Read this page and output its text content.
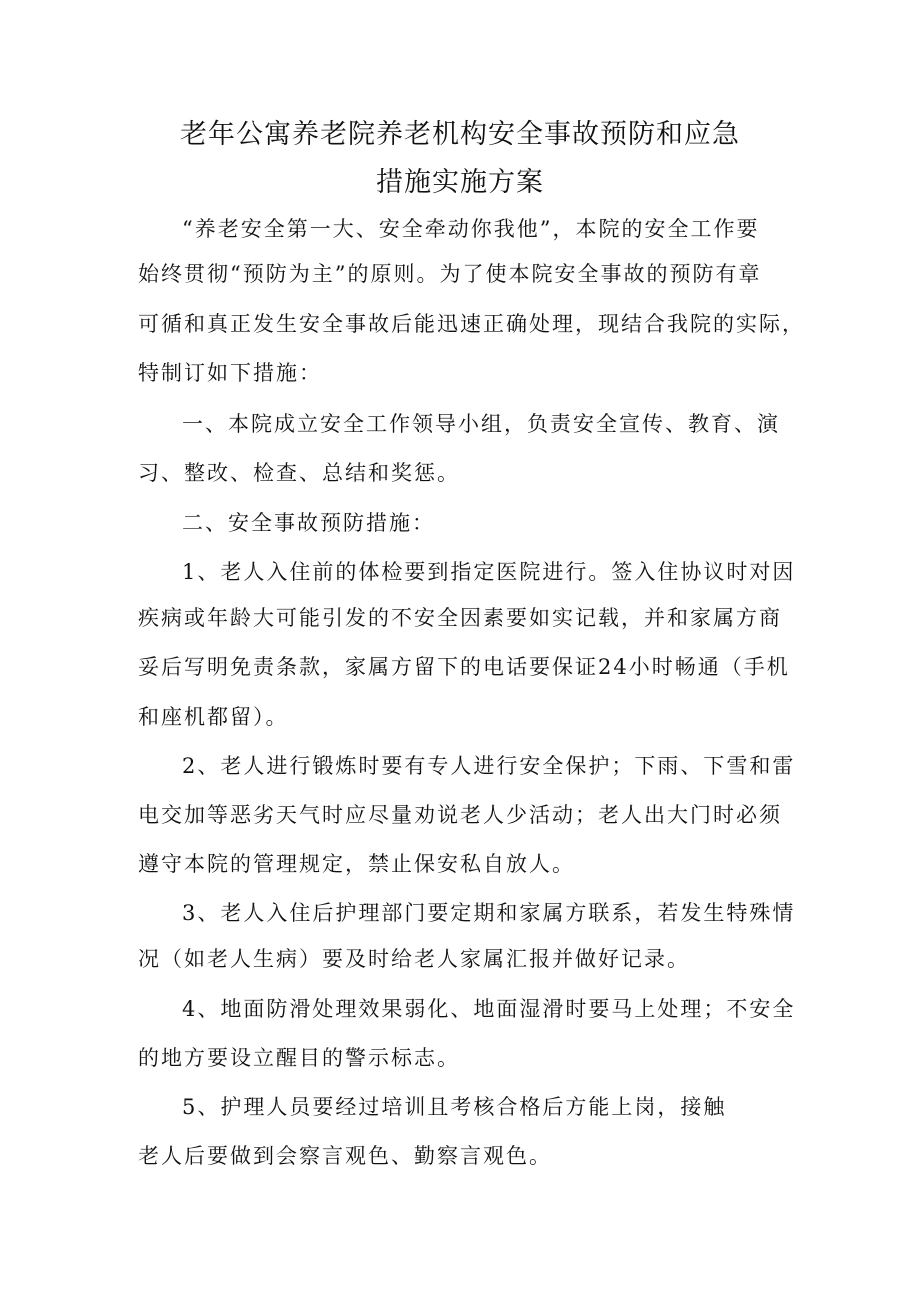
老年公寓养老院养老机构安全事故预防和应急
措施实施方案
“养老安全第一大、安全牵动你我他”，本院的安全工作要
始终贯彻“预防为主”的原则。为了使本院安全事故的预防有章
可循和真正发生安全事故后能迅速正确处理，现结合我院的实际，
特制订如下措施：
一、本院成立安全工作领导小组，负责安全宣传、教育、演
习、整改、检查、总结和奖惩。
二、安全事故预防措施：
1、老人入住前的体检要到指定医院进行。签入住协议时对因
疾病或年龄大可能引发的不安全因素要如实记载，并和家属方商
妥后写明免责条款，家属方留下的电话要保证24小时畅通（手机
和座机都留）。
2、老人进行锻炼时要有专人进行安全保护；下雨、下雪和雷
电交加等恶劣天气时应尽量劝说老人少活动；老人出大门时必须
遵守本院的管理规定，禁止保安私自放人。
3、老人入住后护理部门要定期和家属方联系，若发生特殊情
况（如老人生病）要及时给老人家属汇报并做好记录。
4、地面防滑处理效果弱化、地面湿滑时要马上处理；不安全
的地方要设立醒目的警示标志。
5、护理人员要经过培训且考核合格后方能上岗，接触
老人后要做到会察言观色、勤察言观色。
